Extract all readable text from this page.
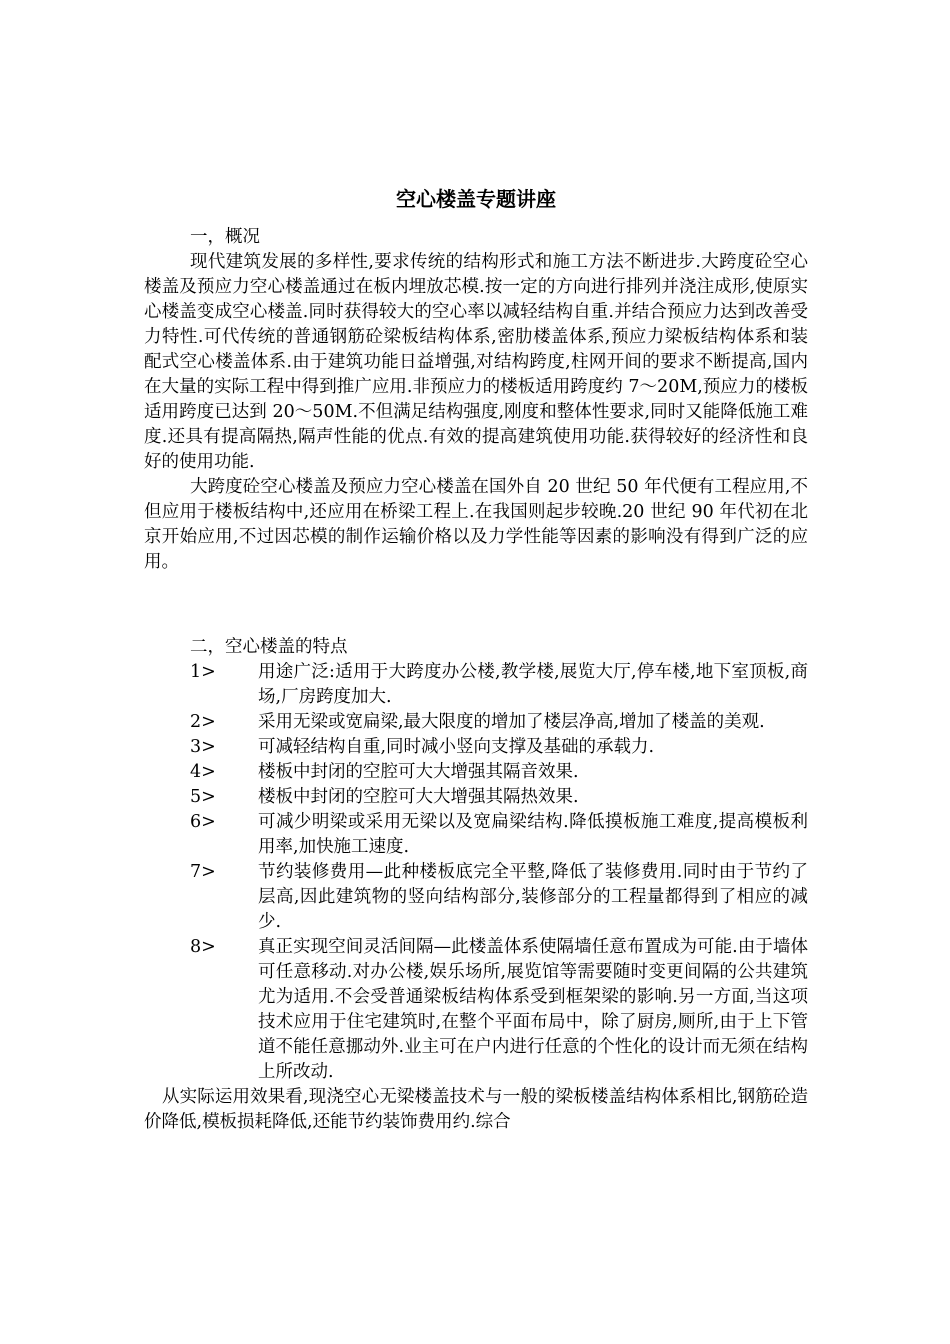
空心楼盖专题讲座

一，概况

现代建筑发展的多样性,要求传统的结构形式和施工方法不断进步.大跨度砼空心楼盖及预应力空心楼盖通过在板内埋放芯模.按一定的方向进行排列并浇注成形,使原实心楼盖变成空心楼盖.同时获得较大的空心率以减轻结构自重.并结合预应力达到改善受力特性.可代传统的普通钢筋砼梁板结构体系,密肋楼盖体系,预应力梁板结构体系和装配式空心楼盖体系.由于建筑功能日益增强,对结构跨度,柱网开间的要求不断提高,国内在大量的实际工程中得到推广应用.非预应力的楼板适用跨度约 7～20M,预应力的楼板适用跨度已达到 20～50M.不但满足结构强度,刚度和整体性要求,同时又能降低施工难度.还具有提高隔热,隔声性能的优点.有效的提高建筑使用功能.获得较好的经济性和良好的使用功能.

大跨度砼空心楼盖及预应力空心楼盖在国外自 20 世纪 50 年代便有工程应用,不但应用于楼板结构中,还应用在桥梁工程上.在我国则起步较晚.20 世纪 90 年代初在北京开始应用,不过因芯模的制作运输价格以及力学性能等因素的影响没有得到广泛的应用。

二，空心楼盖的特点

1>	用途广泛:适用于大跨度办公楼,教学楼,展览大厅,停车楼,地下室顶板,商场,厂房跨度加大.
2>	采用无梁或宽扁梁,最大限度的增加了楼层净高,增加了楼盖的美观.
3>	可减轻结构自重,同时减小竖向支撑及基础的承载力.
4>	楼板中封闭的空腔可大大增强其隔音效果.
5>	楼板中封闭的空腔可大大增强其隔热效果.
6>	可减少明梁或采用无梁以及宽扁梁结构.降低摸板施工难度,提高模板利用率,加快施工速度.
7>	节约装修费用—此种楼板底完全平整,降低了装修费用.同时由于节约了层高,因此建筑物的竖向结构部分,装修部分的工程量都得到了相应的减少.
8>	真正实现空间灵活间隔—此楼盖体系使隔墙任意布置成为可能.由于墙体可任意移动.对办公楼,娱乐场所,展览馆等需要随时变更间隔的公共建筑尤为适用.不会受普通梁板结构体系受到框架梁的影响.另一方面,当这项技术应用于住宅建筑时,在整个平面布局中，除了厨房,厕所,由于上下管道不能任意挪动外.业主可在户内进行任意的个性化的设计而无须在结构上所改动.

从实际运用效果看,现浇空心无梁楼盖技术与一般的梁板楼盖结构体系相比,钢筋砼造价降低,模板损耗降低,还能节约装饰费用约.综合
